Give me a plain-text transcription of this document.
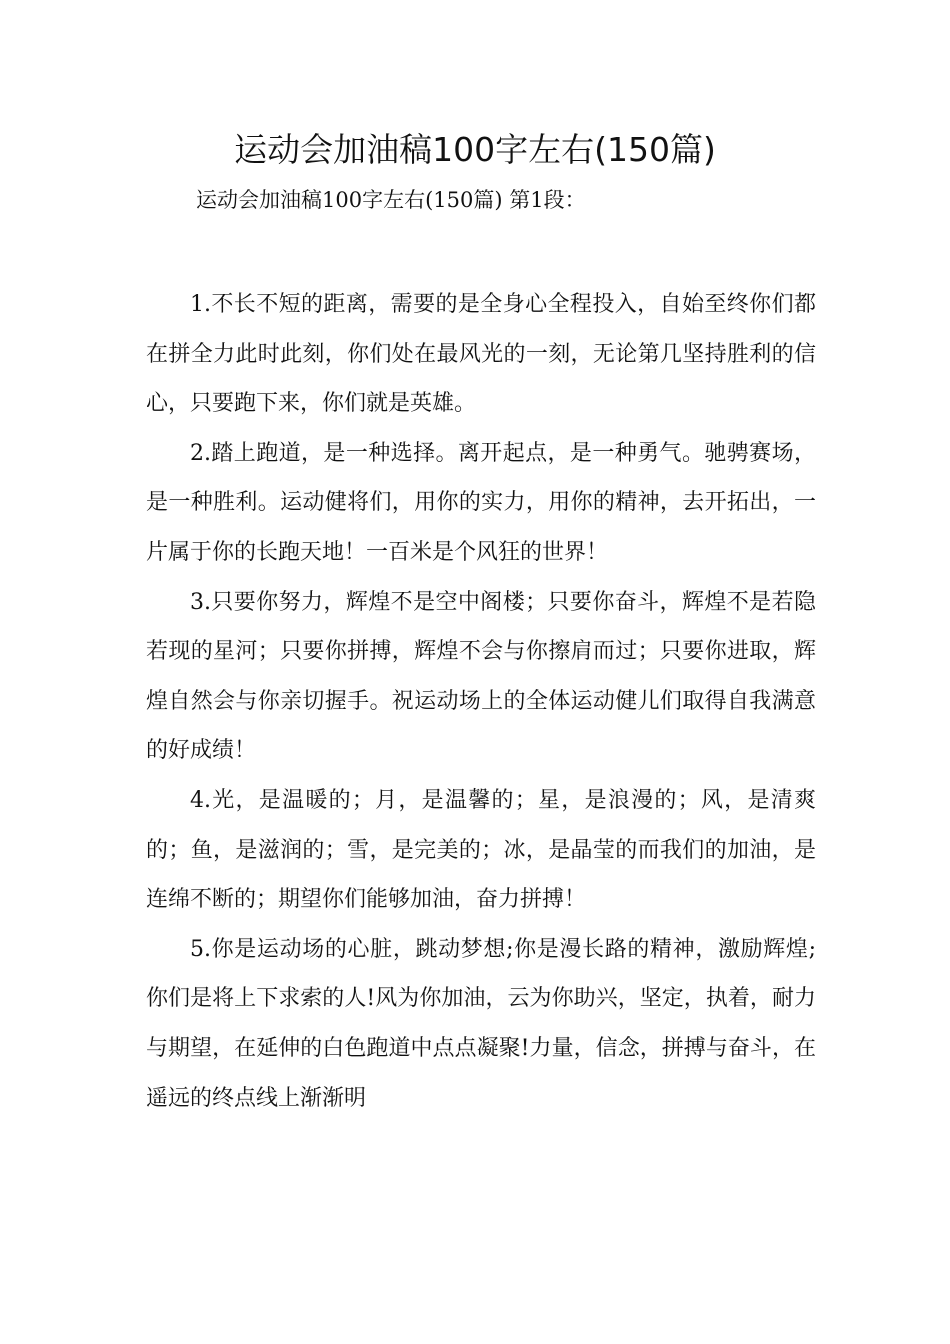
运动会加油稿100字左右(150篇)

运动会加油稿100字左右(150篇) 第1段：

1.不长不短的距离，需要的是全身心全程投入，自始至终你们都在拼全力此时此刻，你们处在最风光的一刻，无论第几坚持胜利的信心，只要跑下来，你们就是英雄。

2.踏上跑道，是一种选择。离开起点，是一种勇气。驰骋赛场，是一种胜利。运动健将们，用你的实力，用你的精神，去开拓出，一片属于你的长跑天地！一百米是个风狂的世界！

3.只要你努力，辉煌不是空中阁楼；只要你奋斗，辉煌不是若隐若现的星河；只要你拼搏，辉煌不会与你擦肩而过；只要你进取，辉煌自然会与你亲切握手。祝运动场上的全体运动健儿们取得自我满意的好成绩！

4.光，是温暖的；月，是温馨的；星，是浪漫的；风，是清爽的；鱼，是滋润的；雪，是完美的；冰，是晶莹的而我们的加油，是连绵不断的；期望你们能够加油，奋力拼搏！

5.你是运动场的心脏，跳动梦想;你是漫长路的精神，激励辉煌;你们是将上下求索的人!风为你加油，云为你助兴，坚定，执着，耐力与期望，在延伸的白色跑道中点点凝聚!力量，信念，拼搏与奋斗，在遥远的终点线上渐渐明
